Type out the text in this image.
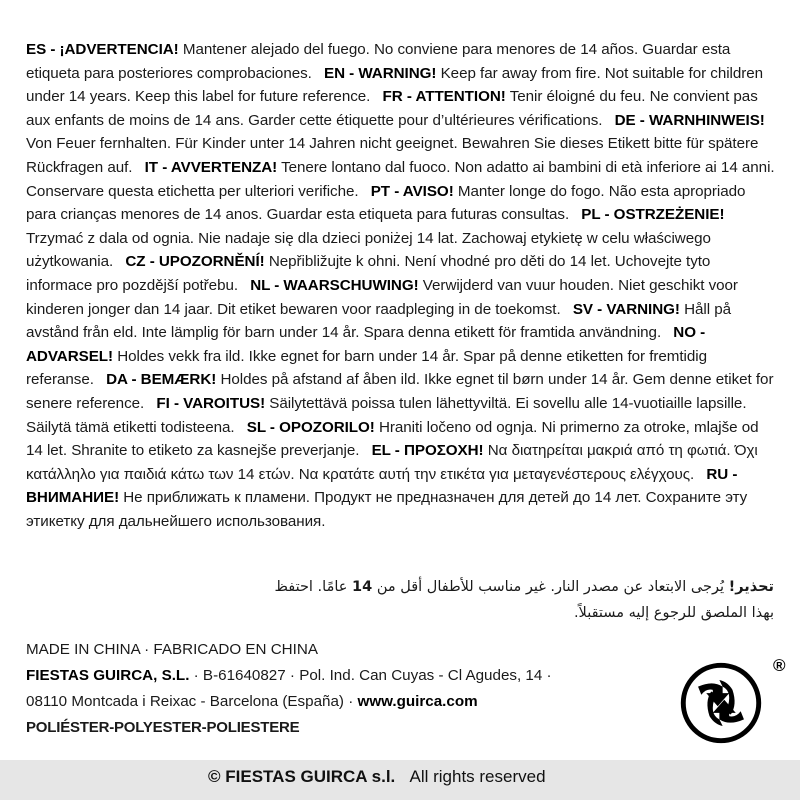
ES - ¡ADVERTENCIA! Mantener alejado del fuego. No conviene para menores de 14 años. Guardar esta etiqueta para posteriores comprobaciones. EN - WARNING! Keep far away from fire. Not suitable for children under 14 years. Keep this label for future reference. FR - ATTENTION! Tenir éloigné du feu. Ne convient pas aux enfants de moins de 14 ans. Garder cette étiquette pour d’ultérieures vérifications. DE - WARNHINWEIS! Von Feuer fernhalten. Für Kinder unter 14 Jahren nicht geeignet. Bewahren Sie dieses Etikett bitte für spätere Rückfragen auf. IT - AVVERTENZA! Tenere lontano dal fuoco. Non adatto ai bambini di età inferiore ai 14 anni. Conservare questa etichetta per ulteriori verifiche. PT - AVISO! Manter longe do fogo. Não esta apropriado para crianças menores de 14 anos. Guardar esta etiqueta para futuras consultas. PL - OSTRZEŻENIE! Trzymać z dala od ognia. Nie nadaje się dla dzieci poniżej 14 lat. Zachowaj etykietę w celu właściwego użytkowania. CZ - UPOZORNĚNÍ! Nepřibližujte k ohni. Není vhodné pro děti do 14 let. Uchovejte tyto informace pro pozdější potřebu. NL - WAARSCHUWING! Verwijderd van vuur houden. Niet geschikt voor kinderen jonger dan 14 jaar. Dit etiket bewaren voor raadpleging in de toekomst. SV - VARNING! Håll på avstånd från eld. Inte lämplig för barn under 14 år. Spara denna etikett för framtida användning. NO - ADVARSEL! Holdes vekk fra ild. Ikke egnet for barn under 14 år. Spar på denne etiketten for fremtidig referanse. DA - BEMÆRK! Holdes på afstand af åben ild. Ikke egnet til børn under 14 år. Gem denne etiket for senere reference. FI - VAROITUS! Säilytettävä poissa tulen lähettyviltä. Ei sovellu alle 14-vuotiaille lapsille. Säilytä tämä etiketti todisteena. SL - OPOZORILO! Hraniti ločeno od ognja. Ni primerno za otroke, mlajše od 14 let. Shranite to etiketo za kasnejše preverjanje. EL - ΠΡΟΣΟΧΗ! Να διατηρείται μακριά από τη φωτιά. Όχι κατάλληλο για παιδιά κάτω των 14 ετών. Να κρατάτε αυτή την ετικέτα για μεταγενέστερους ελέγχους. RU - ВНИМАНИЕ! Не приближать к пламени. Продукт не предназначен для детей до 14 лет. Сохраните эту этикетку для дальнейшего использования.
تحذير! يُرجى الابتعاد عن مصدر النار. غير مناسب للأطفال أقل من 14 عامًا. احتفظ بهذا الملصق للرجوع إليه مستقبلاً.
MADE IN CHINA · FABRICADO EN CHINA
FIESTAS GUIRCA, S.L. · B-61640827 · Pol. Ind. Can Cuyas - Cl Agudes, 14 ·
08110 Montcada i Reixac - Barcelona (España) · www.guirca.com
POLIÉSTER-POLYESTER-POLIESTERE
®
© FIESTAS GUIRCA s.l. All rights reserved
